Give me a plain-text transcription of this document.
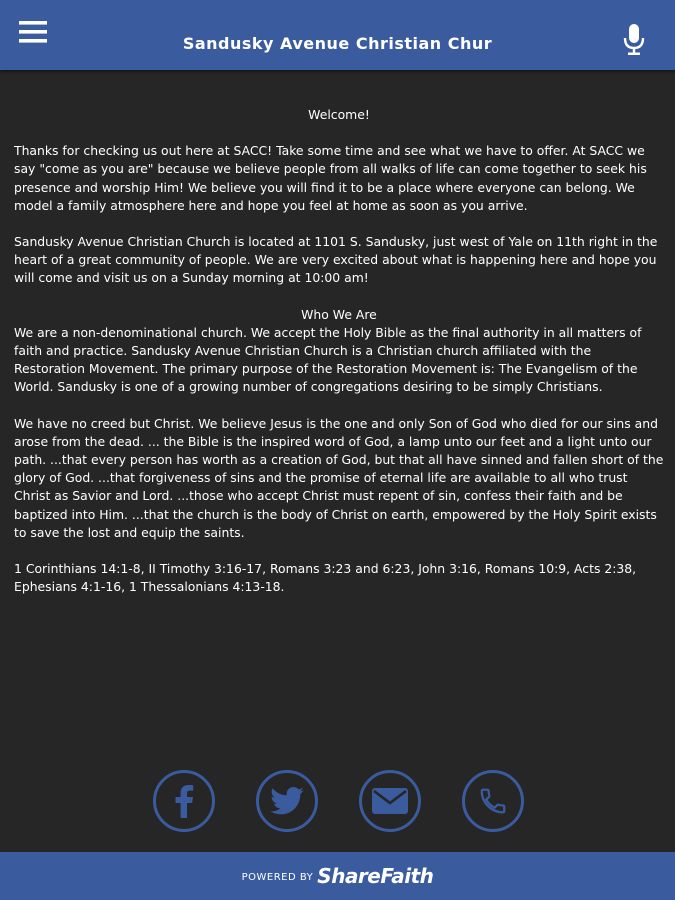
Sandusky Avenue Christian Chur

Welcome!

Thanks for checking us out here at SACC! Take some time and see what we have to offer. At SACC we say "come as you are" because we believe people from all walks of life can come together to seek his presence and worship Him! We believe you will find it to be a place where everyone can belong. We model a family atmosphere here and hope you feel at home as soon as you arrive.

Sandusky Avenue Christian Church is located at 1101 S. Sandusky, just west of Yale on 11th right in the heart of a great community of people. We are very excited about what is happening here and hope you will come and visit us on a Sunday morning at 10:00 am!

Who We Are

We are a non-denominational church. We accept the Holy Bible as the final authority in all matters of faith and practice. Sandusky Avenue Christian Church is a Christian church affiliated with the Restoration Movement. The primary purpose of the Restoration Movement is: The Evangelism of the World. Sandusky is one of a growing number of congregations desiring to be simply Christians.

We have no creed but Christ. We believe Jesus is the one and only Son of God who died for our sins and arose from the dead. ... the Bible is the inspired word of God, a lamp unto our feet and a light unto our path. ...that every person has worth as a creation of God, but that all have sinned and fallen short of the glory of God. ...that forgiveness of sins and the promise of eternal life are available to all who trust Christ as Savior and Lord. ...those who accept Christ must repent of sin, confess their faith and be baptized into Him. ...that the church is the body of Christ on earth, empowered by the Holy Spirit exists to save the lost and equip the saints.

1 Corinthians 14:1-8, II Timothy 3:16-17, Romans 3:23 and 6:23, John 3:16, Romans 10:9, Acts 2:38, Ephesians 4:1-16, 1 Thessalonians 4:13-18.

POWERED BY ShareFaith
